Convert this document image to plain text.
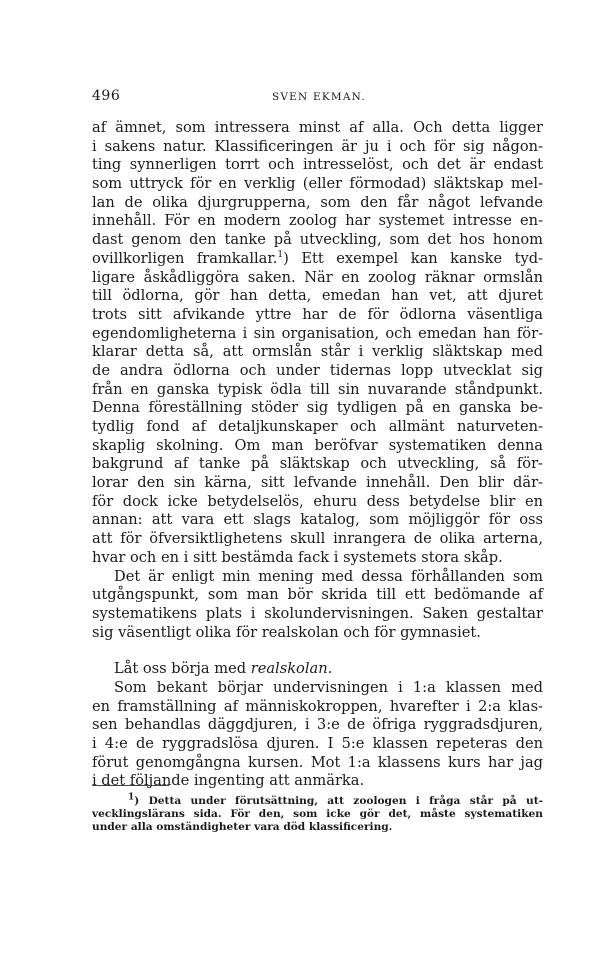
496	SVEN EKMAN.
af ämnet, som intressera minst af alla. Och detta ligger
i sakens natur. Klassificeringen är ju i och för sig någon-
ting synnerligen torrt och intresselöst, och det är endast
som uttryck för en verklig (eller förmodad) släktskap mel-
lan de olika djurgrupperna, som den får något lefvande
innehåll. För en modern zoolog har systemet intresse en-
dast genom den tanke på utveckling, som det hos honom
ovillkorligen framkallar.$^1$) Ett exempel kan kanske tyd-
ligare åskådliggöra saken. När en zoolog räknar ormslån
till ödlorna, gör han detta, emedan han vet, att djuret
trots sitt afvikande yttre har de för ödlorna väsentliga
egendomligheterna i sin organisation, och emedan han för-
klarar detta så, att ormslån står i verklig släktskap med
de andra ödlorna och under tidernas lopp utvecklat sig
från en ganska typisk ödla till sin nuvarande ståndpunkt.
Denna föreställning stöder sig tydligen på en ganska be-
tydlig fond af detaljkunskaper och allmänt naturveten-
skaplig skolning. Om man beröfvar systematiken denna
bakgrund af tanke på släktskap och utveckling, så för-
lorar den sin kärna, sitt lefvande innehåll. Den blir där-
för dock icke betydelselös, ehuru dess betydelse blir en
annan: att vara ett slags katalog, som möjliggör för oss
att för öfversiktlighetens skull inrangera de olika arterna,
hvar och en i sitt bestämda fack i systemets stora skåp.
Det är enligt min mening med dessa förhållanden som
utgångspunkt, som man bör skrida till ett bedömande af
systematikens plats i skolundervisningen. Saken gestaltar
sig väsentligt olika för realskolan och för gymnasiet.
Låt oss börja med realskolan.
Som bekant börjar undervisningen i 1:a klassen med
en framställning af människokroppen, hvarefter i 2:a klas-
sen behandlas däggdjuren, i 3:e de öfriga ryggradsdjuren,
i 4:e de ryggradslösa djuren. I 5:e klassen repeteras den
förut genomgångna kursen. Mot 1:a klassens kurs har jag
i det följande ingenting att anmärka.
$^1$) Detta under förutsättning, att zoologen i fråga står på ut-
vecklingslärans sida. För den, som icke gör det, måste systematiken
under alla omständigheter vara död klassificering.
